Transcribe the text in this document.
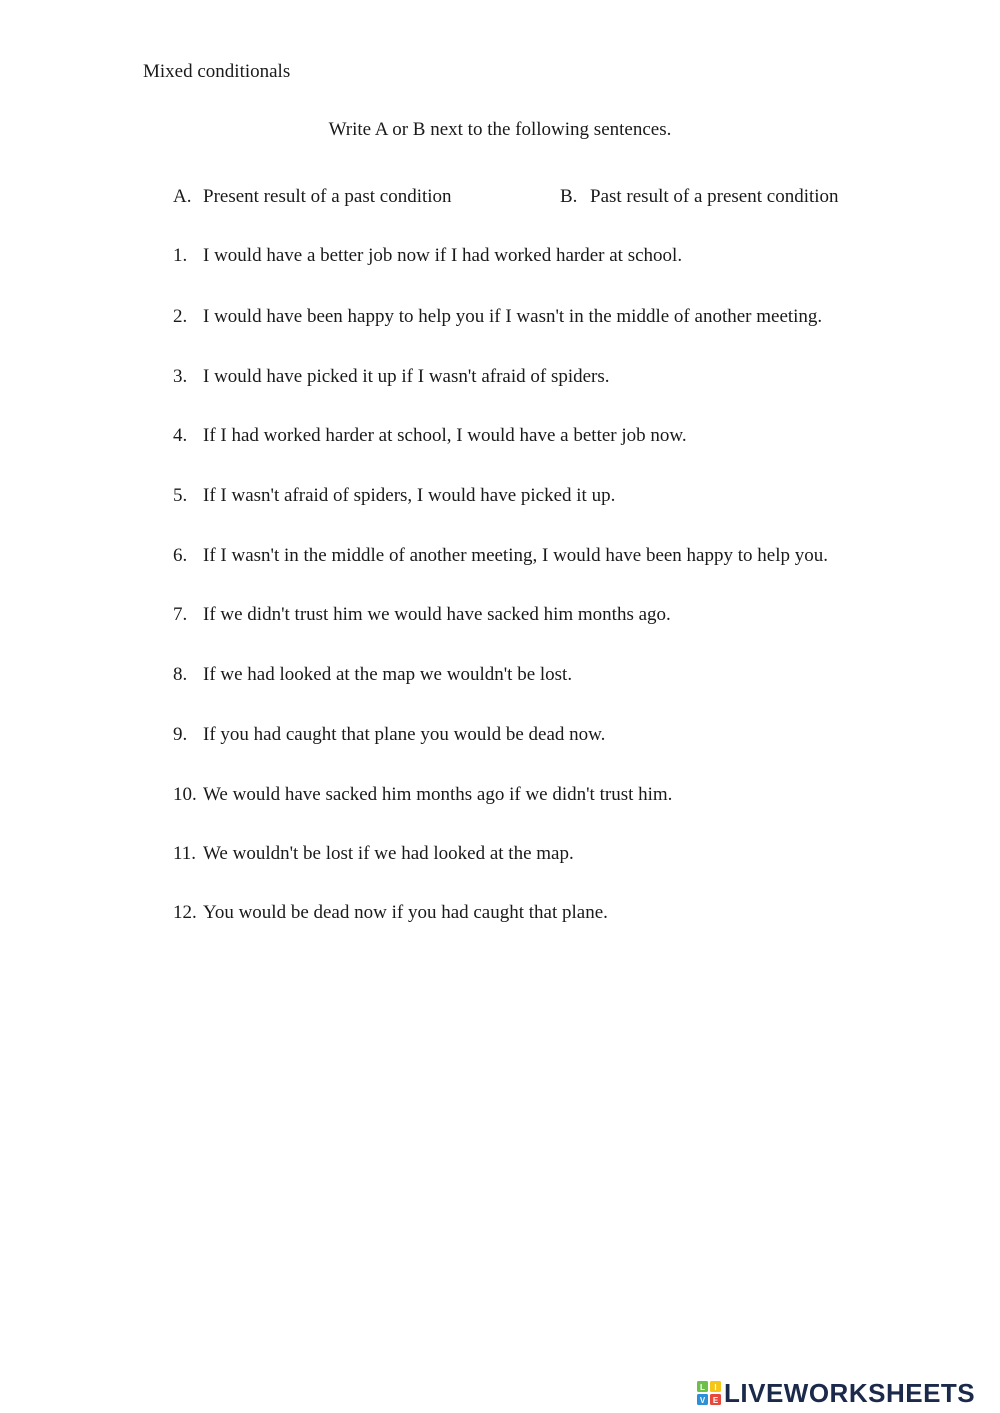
Mixed conditionals
Write A or B next to the following sentences.
A. Present result of a past condition	B. Past result of a present condition
1. I would have a better job now if I had worked harder at school.
2. I would have been happy to help you if I wasn't in the middle of another meeting.
3. I would have picked it up if I wasn't afraid of spiders.
4. If I had worked harder at school, I would have a better job now.
5. If I wasn't afraid of spiders, I would have picked it up.
6. If I wasn't in the middle of another meeting, I would have been happy to help you.
7. If we didn't trust him we would have sacked him months ago.
8. If we had looked at the map we wouldn't be lost.
9. If you had caught that plane you would be dead now.
10. We would have sacked him months ago if we didn't trust him.
11. We wouldn't be lost if we had looked at the map.
12. You would be dead now if you had caught that plane.
L I
V E LIVEWORKSHEETS
